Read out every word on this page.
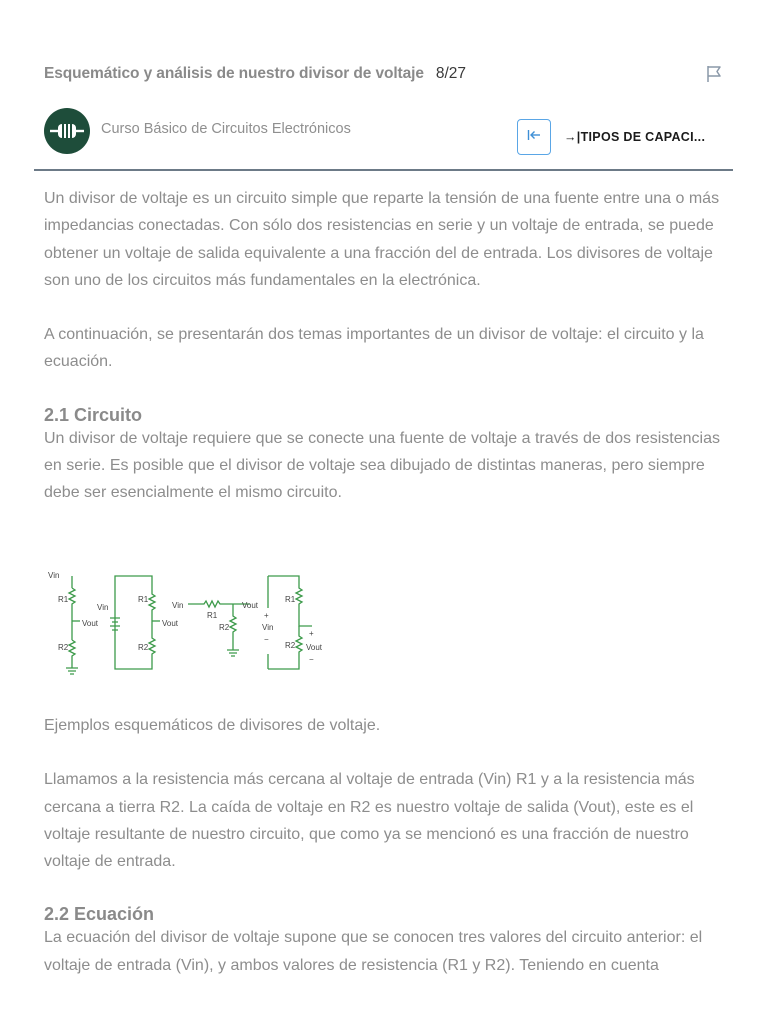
Esquemático y análisis de nuestro divisor de voltaje 8/27
Curso Básico de Circuitos Electrónicos	→|TIPOS DE CAPACI...

Un divisor de voltaje es un circuito simple que reparte la tensión de una fuente entre una o más impedancias conectadas. Con sólo dos resistencias en serie y un voltaje de entrada, se puede obtener un voltaje de salida equivalente a una fracción del de entrada. Los divisores de voltaje son uno de los circuitos más fundamentales en la electrónica.

A continuación, se presentarán dos temas importantes de un divisor de voltaje: el circuito y la ecuación.

2.1 Circuito

Un divisor de voltaje requiere que se conecte una fuente de voltaje a través de dos resistencias en serie. Es posible que el divisor de voltaje sea dibujado de distintas maneras, pero siempre debe ser esencialmente el mismo circuito.

Vin
R1
Vout
R2
Vin
R1
Vout
R2
Vin
R1
Vout
R2
+
Vin
−
R1
R2
+
Vout
−

Ejemplos esquemáticos de divisores de voltaje.

Llamamos a la resistencia más cercana al voltaje de entrada (Vin) R1 y a la resistencia más cercana a tierra R2. La caída de voltaje en R2 es nuestro voltaje de salida (Vout), este es el voltaje resultante de nuestro circuito, que como ya se mencionó es una fracción de nuestro voltaje de entrada.

2.2 Ecuación

La ecuación del divisor de voltaje supone que se conocen tres valores del circuito anterior: el voltaje de entrada (Vin), y ambos valores de resistencia (R1 y R2). Teniendo en cuenta
